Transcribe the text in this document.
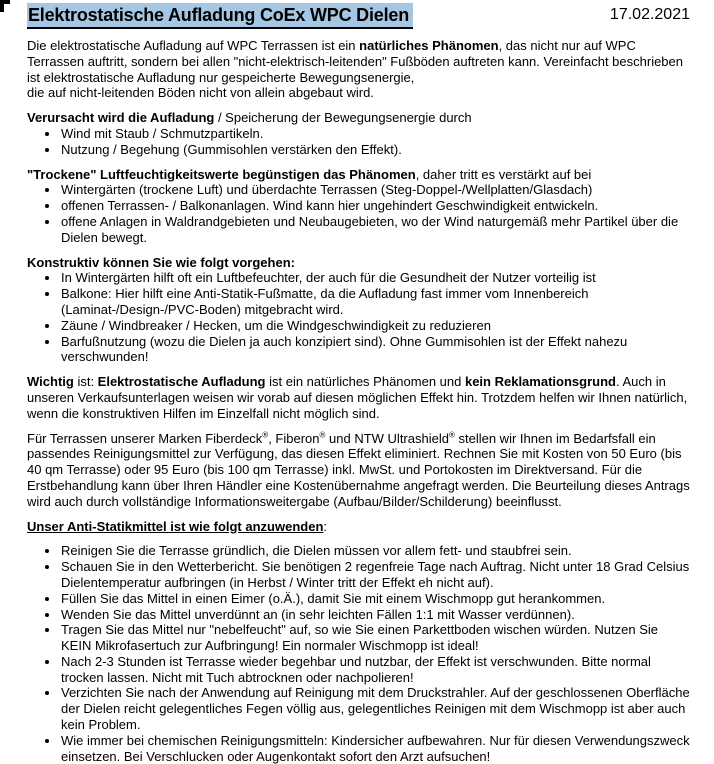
Elektrostatische Aufladung CoEx WPC Dielen	17.02.2021

Die elektrostatische Aufladung auf WPC Terrassen ist ein natürliches Phänomen, das nicht nur auf WPC Terrassen auftritt, sondern bei allen "nicht-elektrisch-leitenden" Fußböden auftreten kann. Vereinfacht beschrieben ist elektrostatische Aufladung nur gespeicherte Bewegungsenergie,
die auf nicht-leitenden Böden nicht von allein abgebaut wird.

Verursacht wird die Aufladung / Speicherung der Bewegungsenergie durch

• Wind mit Staub / Schmutzpartikeln.
• Nutzung / Begehung (Gummisohlen verstärken den Effekt).

"Trockene" Luftfeuchtigkeitswerte begünstigen das Phänomen, daher tritt es verstärkt auf bei

• Wintergärten (trockene Luft) und überdachte Terrassen (Steg-Doppel-/Wellplatten/Glasdach)
• offenen Terrassen- / Balkonanlagen. Wind kann hier ungehindert Geschwindigkeit entwickeln.
• offene Anlagen in Waldrandgebieten und Neubaugebieten, wo der Wind naturgemäß mehr Partikel über die Dielen bewegt.

Konstruktiv können Sie wie folgt vorgehen:

• In Wintergärten hilft oft ein Luftbefeuchter, der auch für die Gesundheit der Nutzer vorteilig ist
• Balkone: Hier hilft eine Anti-Statik-Fußmatte, da die Aufladung fast immer vom Innenbereich (Laminat-/Design-/PVC-Boden) mitgebracht wird.
• Zäune / Windbreaker / Hecken, um die Windgeschwindigkeit zu reduzieren
• Barfußnutzung (wozu die Dielen ja auch konzipiert sind). Ohne Gummisohlen ist der Effekt nahezu verschwunden!

Wichtig ist: Elektrostatische Aufladung ist ein natürliches Phänomen und kein Reklamationsgrund. Auch in unseren Verkaufsunterlagen weisen wir vorab auf diesen möglichen Effekt hin. Trotzdem helfen wir Ihnen natürlich, wenn die konstruktiven Hilfen im Einzelfall nicht möglich sind.

Für Terrassen unserer Marken Fiberdeck®, Fiberon® und NTW Ultrashield® stellen wir Ihnen im Bedarfsfall ein passendes Reinigungsmittel zur Verfügung, das diesen Effekt eliminiert. Rechnen Sie mit Kosten von 50 Euro (bis 40 qm Terrasse) oder 95 Euro (bis 100 qm Terrasse) inkl. MwSt. und Portokosten im Direktversand. Für die Erstbehandlung kann über Ihren Händler eine Kostenübernahme angefragt werden. Die Beurteilung dieses Antrags wird auch durch vollständige Informationsweitergabe (Aufbau/Bilder/Schilderung) beeinflusst.

Unser Anti-Statikmittel ist wie folgt anzuwenden:

• Reinigen Sie die Terrasse gründlich, die Dielen müssen vor allem fett- und staubfrei sein.
• Schauen Sie in den Wetterbericht. Sie benötigen 2 regenfreie Tage nach Auftrag. Nicht unter 18 Grad Celsius Dielentemperatur aufbringen (in Herbst / Winter tritt der Effekt eh nicht auf).
• Füllen Sie das Mittel in einen Eimer (o.Ä.), damit Sie mit einem Wischmopp gut herankommen.
• Wenden Sie das Mittel unverdünnt an (in sehr leichten Fällen 1:1 mit Wasser verdünnen).
• Tragen Sie das Mittel nur "nebelfeucht" auf, so wie Sie einen Parkettboden wischen würden. Nutzen Sie KEIN Mikrofasertuch zur Aufbringung! Ein normaler Wischmopp ist ideal!
• Nach 2-3 Stunden ist Terrasse wieder begehbar und nutzbar, der Effekt ist verschwunden. Bitte normal trocken lassen. Nicht mit Tuch abtrocknen oder nachpolieren!
• Verzichten Sie nach der Anwendung auf Reinigung mit dem Druckstrahler. Auf der geschlossenen Oberfläche der Dielen reicht gelegentliches Fegen völlig aus, gelegentliches Reinigen mit dem Wischmopp ist aber auch kein Problem.
• Wie immer bei chemischen Reinigungsmitteln: Kindersicher aufbewahren. Nur für diesen Verwendungszweck einsetzen. Bei Verschlucken oder Augenkontakt sofort den Arzt aufsuchen!
